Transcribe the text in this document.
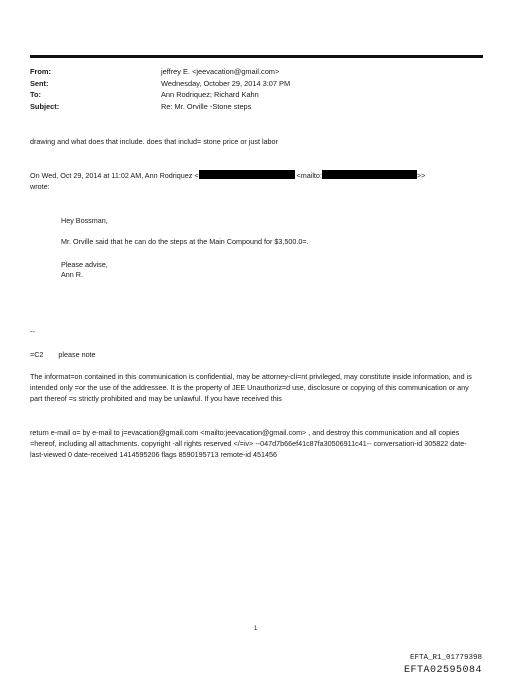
From:	jeffrey E. <jeevacation@gmail.com>
Sent:	Wednesday, October 29, 2014 3:07 PM
To:	Ann Rodriquez; Richard Kahn
Subject:	Re: Mr. Orville -Stone steps
drawing and what does that include. does that includ= stone price or just labor
On Wed, Oct 29, 2014 at 11:02 AM, Ann Rodriquez <	<mailto:	>>
wrote:
Hey Bossman,
Mr. Orville said that he can do the steps at the Main Compound for $3,500.0=.
Please advise,
Ann R.
--
=C2 please note
The informat=on contained in this communication is confidential, may be attorney-cli=nt privileged, may constitute inside information, and is intended only =or the use of the addressee. It is the property of JEE Unauthoriz=d use, disclosure or copying of this communication or any part thereof =s strictly prohibited and may be unlawful. If you have received this
return e-mail o= by e-mail to j=evacation@gmail.com <mailto:jeevacation@gmail.com> , and destroy this communication and all copies =hereof, including all attachments. copyright -all rights reserved </=iv> --047d7b66ef41c87fa30506911c41-- conversation-id 305822 date-last-viewed 0 date-received 1414595206 flags 8590195713 remote-id 451456
1
EFTA_R1_01779398
EFTA02595084
